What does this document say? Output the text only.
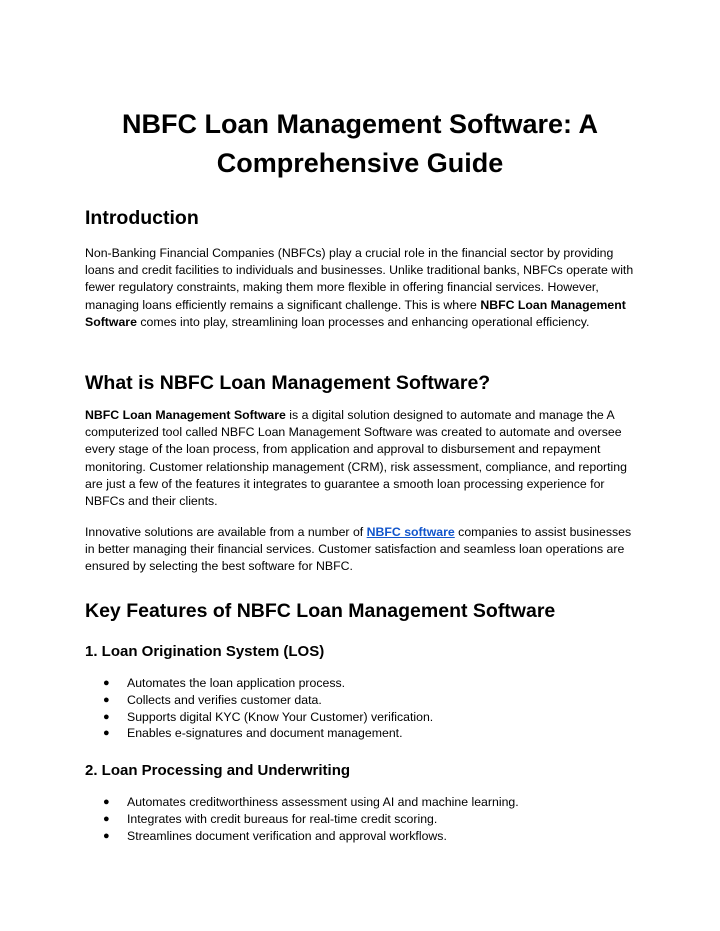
NBFC Loan Management Software: A
Comprehensive Guide
Introduction

Non-Banking Financial Companies (NBFCs) play a crucial role in the financial sector by providing loans and credit facilities to individuals and businesses. Unlike traditional banks, NBFCs operate with fewer regulatory constraints, making them more flexible in offering financial services. However, managing loans efficiently remains a significant challenge. This is where NBFC Loan Management Software comes into play, streamlining loan processes and enhancing operational efficiency.

What is NBFC Loan Management Software?

NBFC Loan Management Software is a digital solution designed to automate and manage the A computerized tool called NBFC Loan Management Software was created to automate and oversee every stage of the loan process, from application and approval to disbursement and repayment monitoring. Customer relationship management (CRM), risk assessment, compliance, and reporting are just a few of the features it integrates to guarantee a smooth loan processing experience for NBFCs and their clients.

Innovative solutions are available from a number of NBFC software companies to assist businesses in better managing their financial services. Customer satisfaction and seamless loan operations are ensured by selecting the best software for NBFC.

Key Features of NBFC Loan Management Software
1. Loan Origination System (LOS)
● Automates the loan application process.
● Collects and verifies customer data.
● Supports digital KYC (Know Your Customer) verification.
● Enables e-signatures and document management.
2. Loan Processing and Underwriting
● Automates creditworthiness assessment using AI and machine learning.
● Integrates with credit bureaus for real-time credit scoring.
● Streamlines document verification and approval workflows.
